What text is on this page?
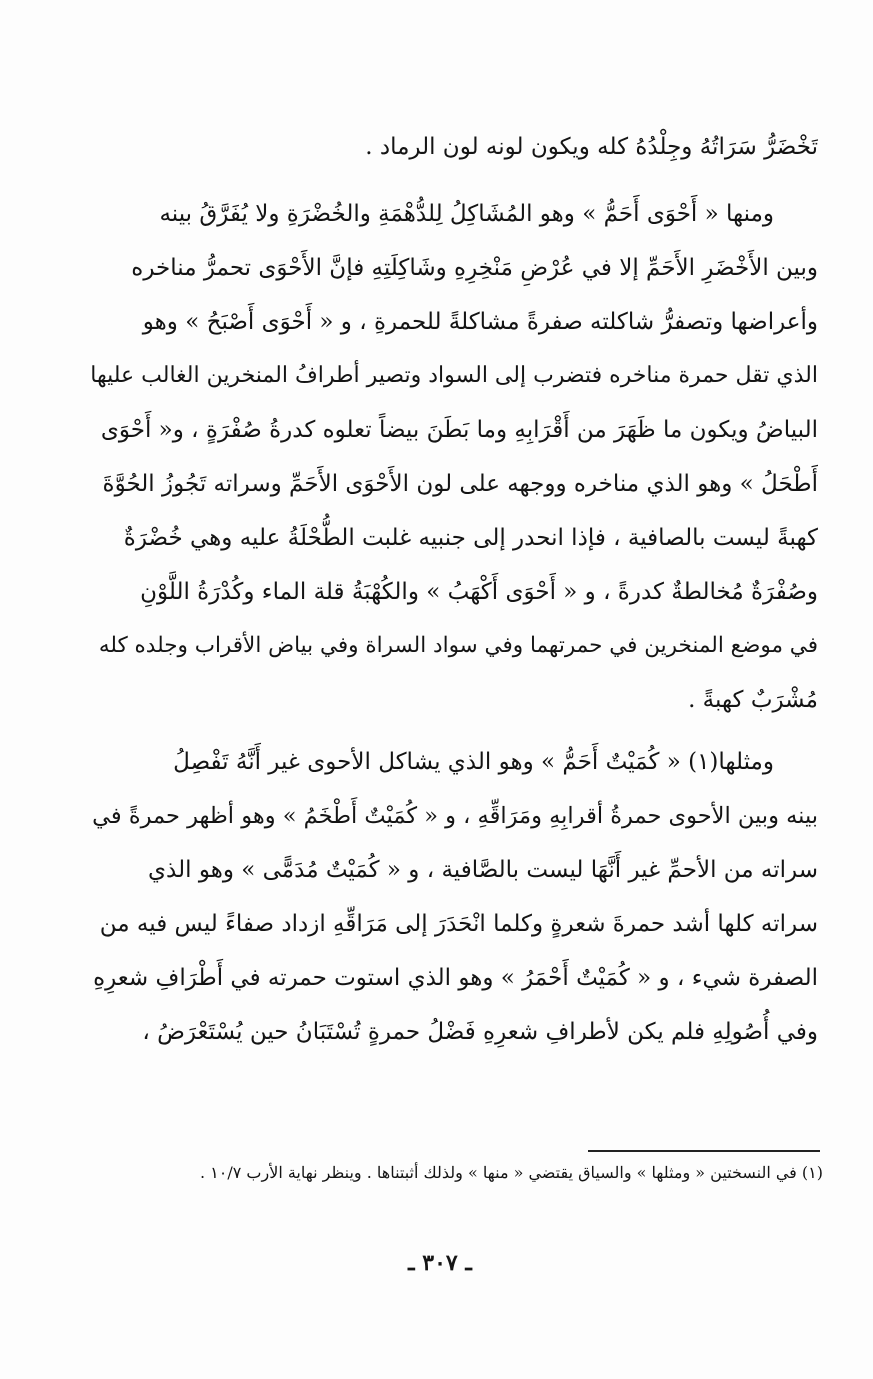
تَخْضَرُّ سَرَاتُهُ وجِلْدُهُ كله ويكون لونه لون الرماد .
ومنها « أَحْوَى أَحَمُّ » وهو المُشَاكِلُ لِلدُّهْمَةِ والخُضْرَةِ ولا يُفَرَّقُ بينه
وبين الأَخْضَرِ الأَحَمِّ إلا في عُرْضِ مَنْخِرِهِ وشَاكِلَتِهِ فإنَّ الأَحْوَى تحمرُّ مناخره
وأعراضها وتصفرُّ شاكلته صفرةً مشاكلةً للحمرةِ ، و « أَحْوَى أَصْبَحُ » وهو
الذي تقل حمرة مناخره فتضرب إلى السواد وتصير أطرافُ المنخرين الغالب عليها
البياضُ ويكون ما ظَهَرَ من أَقْرَابِهِ وما بَطَنَ بيضاً تعلوه كدرةُ صُفْرَةٍ ، و« أَحْوَى
أَطْحَلُ » وهو الذي مناخره ووجهه على لون الأَحْوَى الأَحَمِّ وسراته تَجُوزُ الحُوَّةَ
كهبةً ليست بالصافية ، فإذا انحدر إلى جنبيه غلبت الطُّحْلَةُ عليه وهي خُضْرَةٌ
وصُفْرَةٌ مُخالطةٌ كدرةً ، و « أَحْوَى أَكْهَبُ » والكُهْبَةُ قلة الماء وكُدْرَةُ اللَّوْنِ
في موضع المنخرين في حمرتهما وفي سواد السراة وفي بياض الأقراب وجلده كله
مُشْرَبٌ كهبةً .
ومثلها(١) « كُمَيْتٌ أَحَمُّ » وهو الذي يشاكل الأحوى غير أَنَّهُ تَفْصِلُ
بينه وبين الأحوى حمرةُ أقرابِهِ ومَرَاقِّهِ ، و « كُمَيْتٌ أَطْخَمُ » وهو أظهر حمرةً في
سراته من الأحمِّ غير أَنَّهَا ليست بالصَّافية ، و « كُمَيْتٌ مُدَمًّى » وهو الذي
سراته كلها أشد حمرةَ شعرةٍ وكلما انْحَدَرَ إلى مَرَاقِّهِ ازداد صفاءً ليس فيه من
الصفرة شيء ، و « كُمَيْتٌ أَحْمَرُ » وهو الذي استوت حمرته في أَطْرَافِ شعرِهِ
وفي أُصُولِهِ فلم يكن لأطرافِ شعرِهِ فَضْلُ حمرةٍ تُسْتَبَانُ حين يُسْتَعْرَضُ ،
(١) في النسختين « ومثلها » والسياق يقتضي « منها » ولذلك أثبتناها . وينظر نهاية الأرب ١٠/٧ .
ـ ٣٠٧ ـ
